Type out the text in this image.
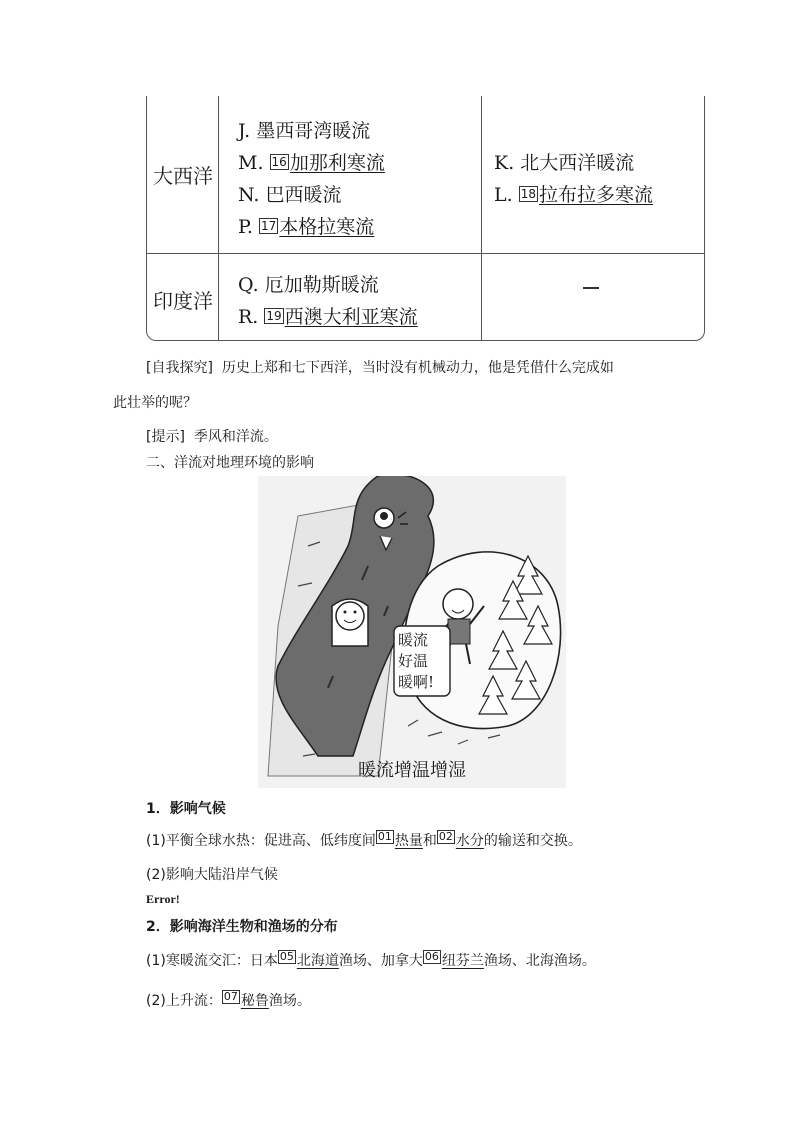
大西洋
印度洋
J. 墨西哥湾暖流
M. 16 加那利寒流
N. 巴西暖流
P. 17 本格拉寒流
K. 北大西洋暖流
L. 18 拉布拉多寒流
Q. 厄加勒斯暖流
R. 19 西澳大利亚寒流
[自我探究] 历史上郑和七下西洋，当时没有机械动力，他是凭借什么完成如
此壮举的呢？
[提示] 季风和洋流。
二、洋流对地理环境的影响
暖流
好温
暖啊!
暖流增温增湿
1．影响气候
(1)平衡全球水热：促进高、低纬度间 01 热量和 02 水分的输送和交换。
(2)影响大陆沿岸气候
Error!
2．影响海洋生物和渔场的分布
(1)寒暖流交汇：日本 05 北海道渔场、加拿大 06 纽芬兰渔场、北海渔场。
(2)上升流： 07 秘鲁渔场。
